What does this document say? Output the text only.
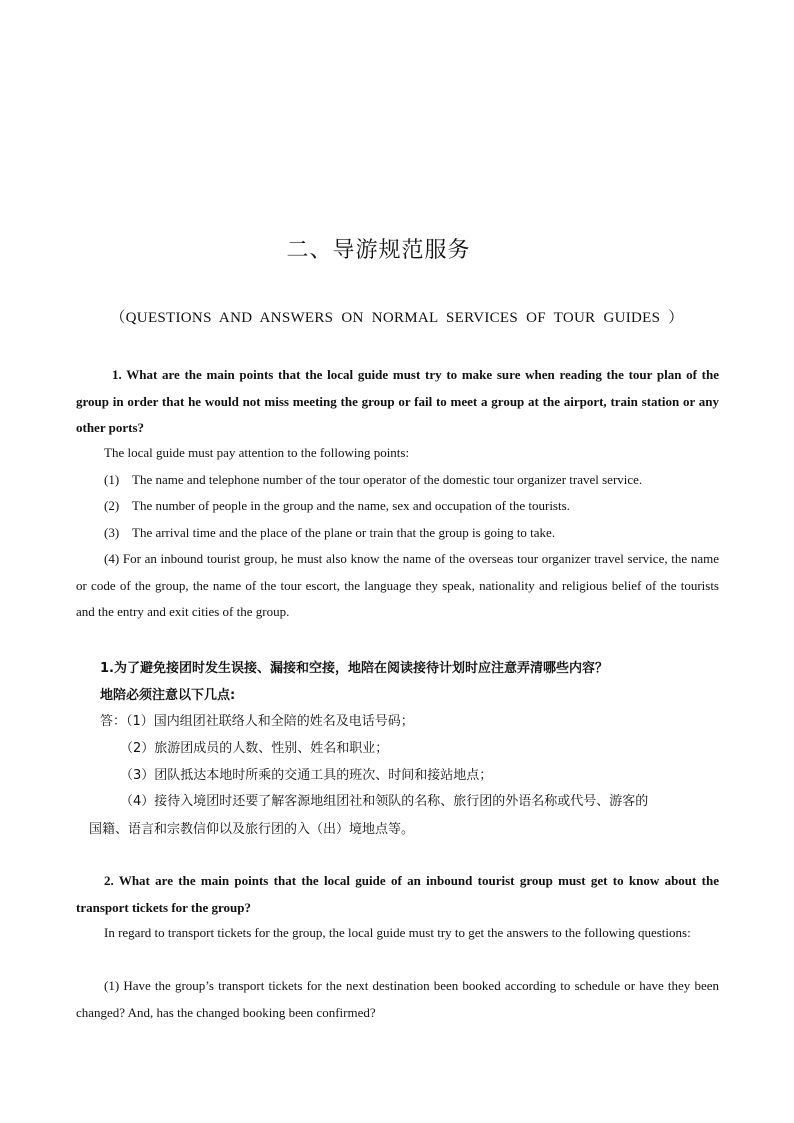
二、导游规范服务
（QUESTIONS AND ANSWERS ON NORMAL SERVICES OF TOUR GUIDES ）
1. What are the main points that the local guide must try to make sure when reading the tour plan of the group in order that he would not miss meeting the group or fail to meet a group at the airport, train station or any other ports?
The local guide must pay attention to the following points:
(1) The name and telephone number of the tour operator of the domestic tour organizer travel service.
(2) The number of people in the group and the name, sex and occupation of the tourists.
(3) The arrival time and the place of the plane or train that the group is going to take.
(4) For an inbound tourist group, he must also know the name of the overseas tour organizer travel service, the name or code of the group, the name of the tour escort, the language they speak, nationality and religious belief of the tourists and the entry and exit cities of the group.
1.为了避免接团时发生误接、漏接和空接，地陪在阅读接待计划时应注意弄清哪些内容？
地陪必须注意以下几点:
答：（1）国内组团社联络人和全陪的姓名及电话号码；
（2）旅游团成员的人数、性别、姓名和职业；
（3）团队抵达本地时所乘的交通工具的班次、时间和接站地点；
（4）接待入境团时还要了解客源地组团社和领队的名称、旅行团的外语名称或代号、游客的
国籍、语言和宗教信仰以及旅行团的入（出）境地点等。
2. What are the main points that the local guide of an inbound tourist group must get to know about the transport tickets for the group?
In regard to transport tickets for the group, the local guide must try to get the answers to the following questions:
(1) Have the group’s transport tickets for the next destination been booked according to schedule or have they been changed? And, has the changed booking been confirmed?
